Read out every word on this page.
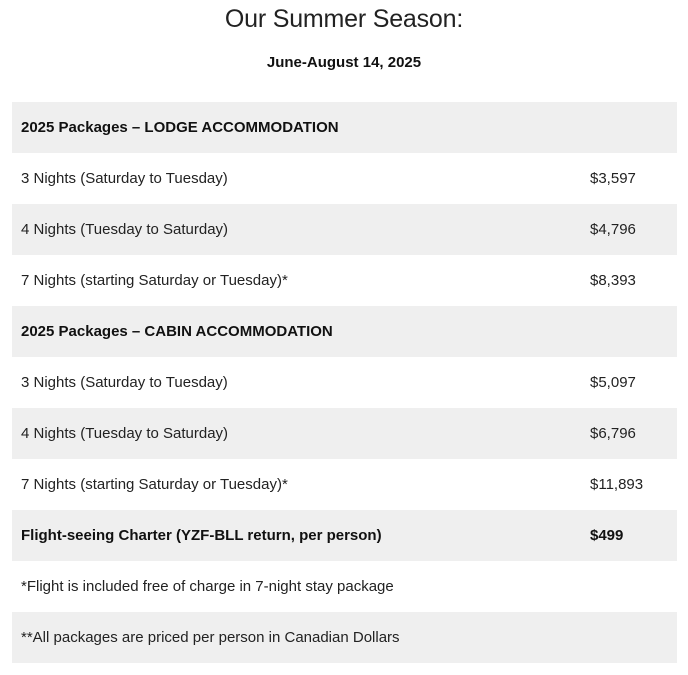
Our Summer Season:
June-August 14, 2025
2025 Packages – LODGE ACCOMMODATION
3 Nights (Saturday to Tuesday)	$3,597
4 Nights (Tuesday to Saturday)	$4,796
7 Nights (starting Saturday or Tuesday)*	$8,393
2025 Packages – CABIN ACCOMMODATION
3 Nights (Saturday to Tuesday)	$5,097
4 Nights (Tuesday to Saturday)	$6,796
7 Nights (starting Saturday or Tuesday)*	$11,893
Flight-seeing Charter (YZF-BLL return, per person)	$499
*Flight is included free of charge in 7-night stay package
**All packages are priced per person in Canadian Dollars
